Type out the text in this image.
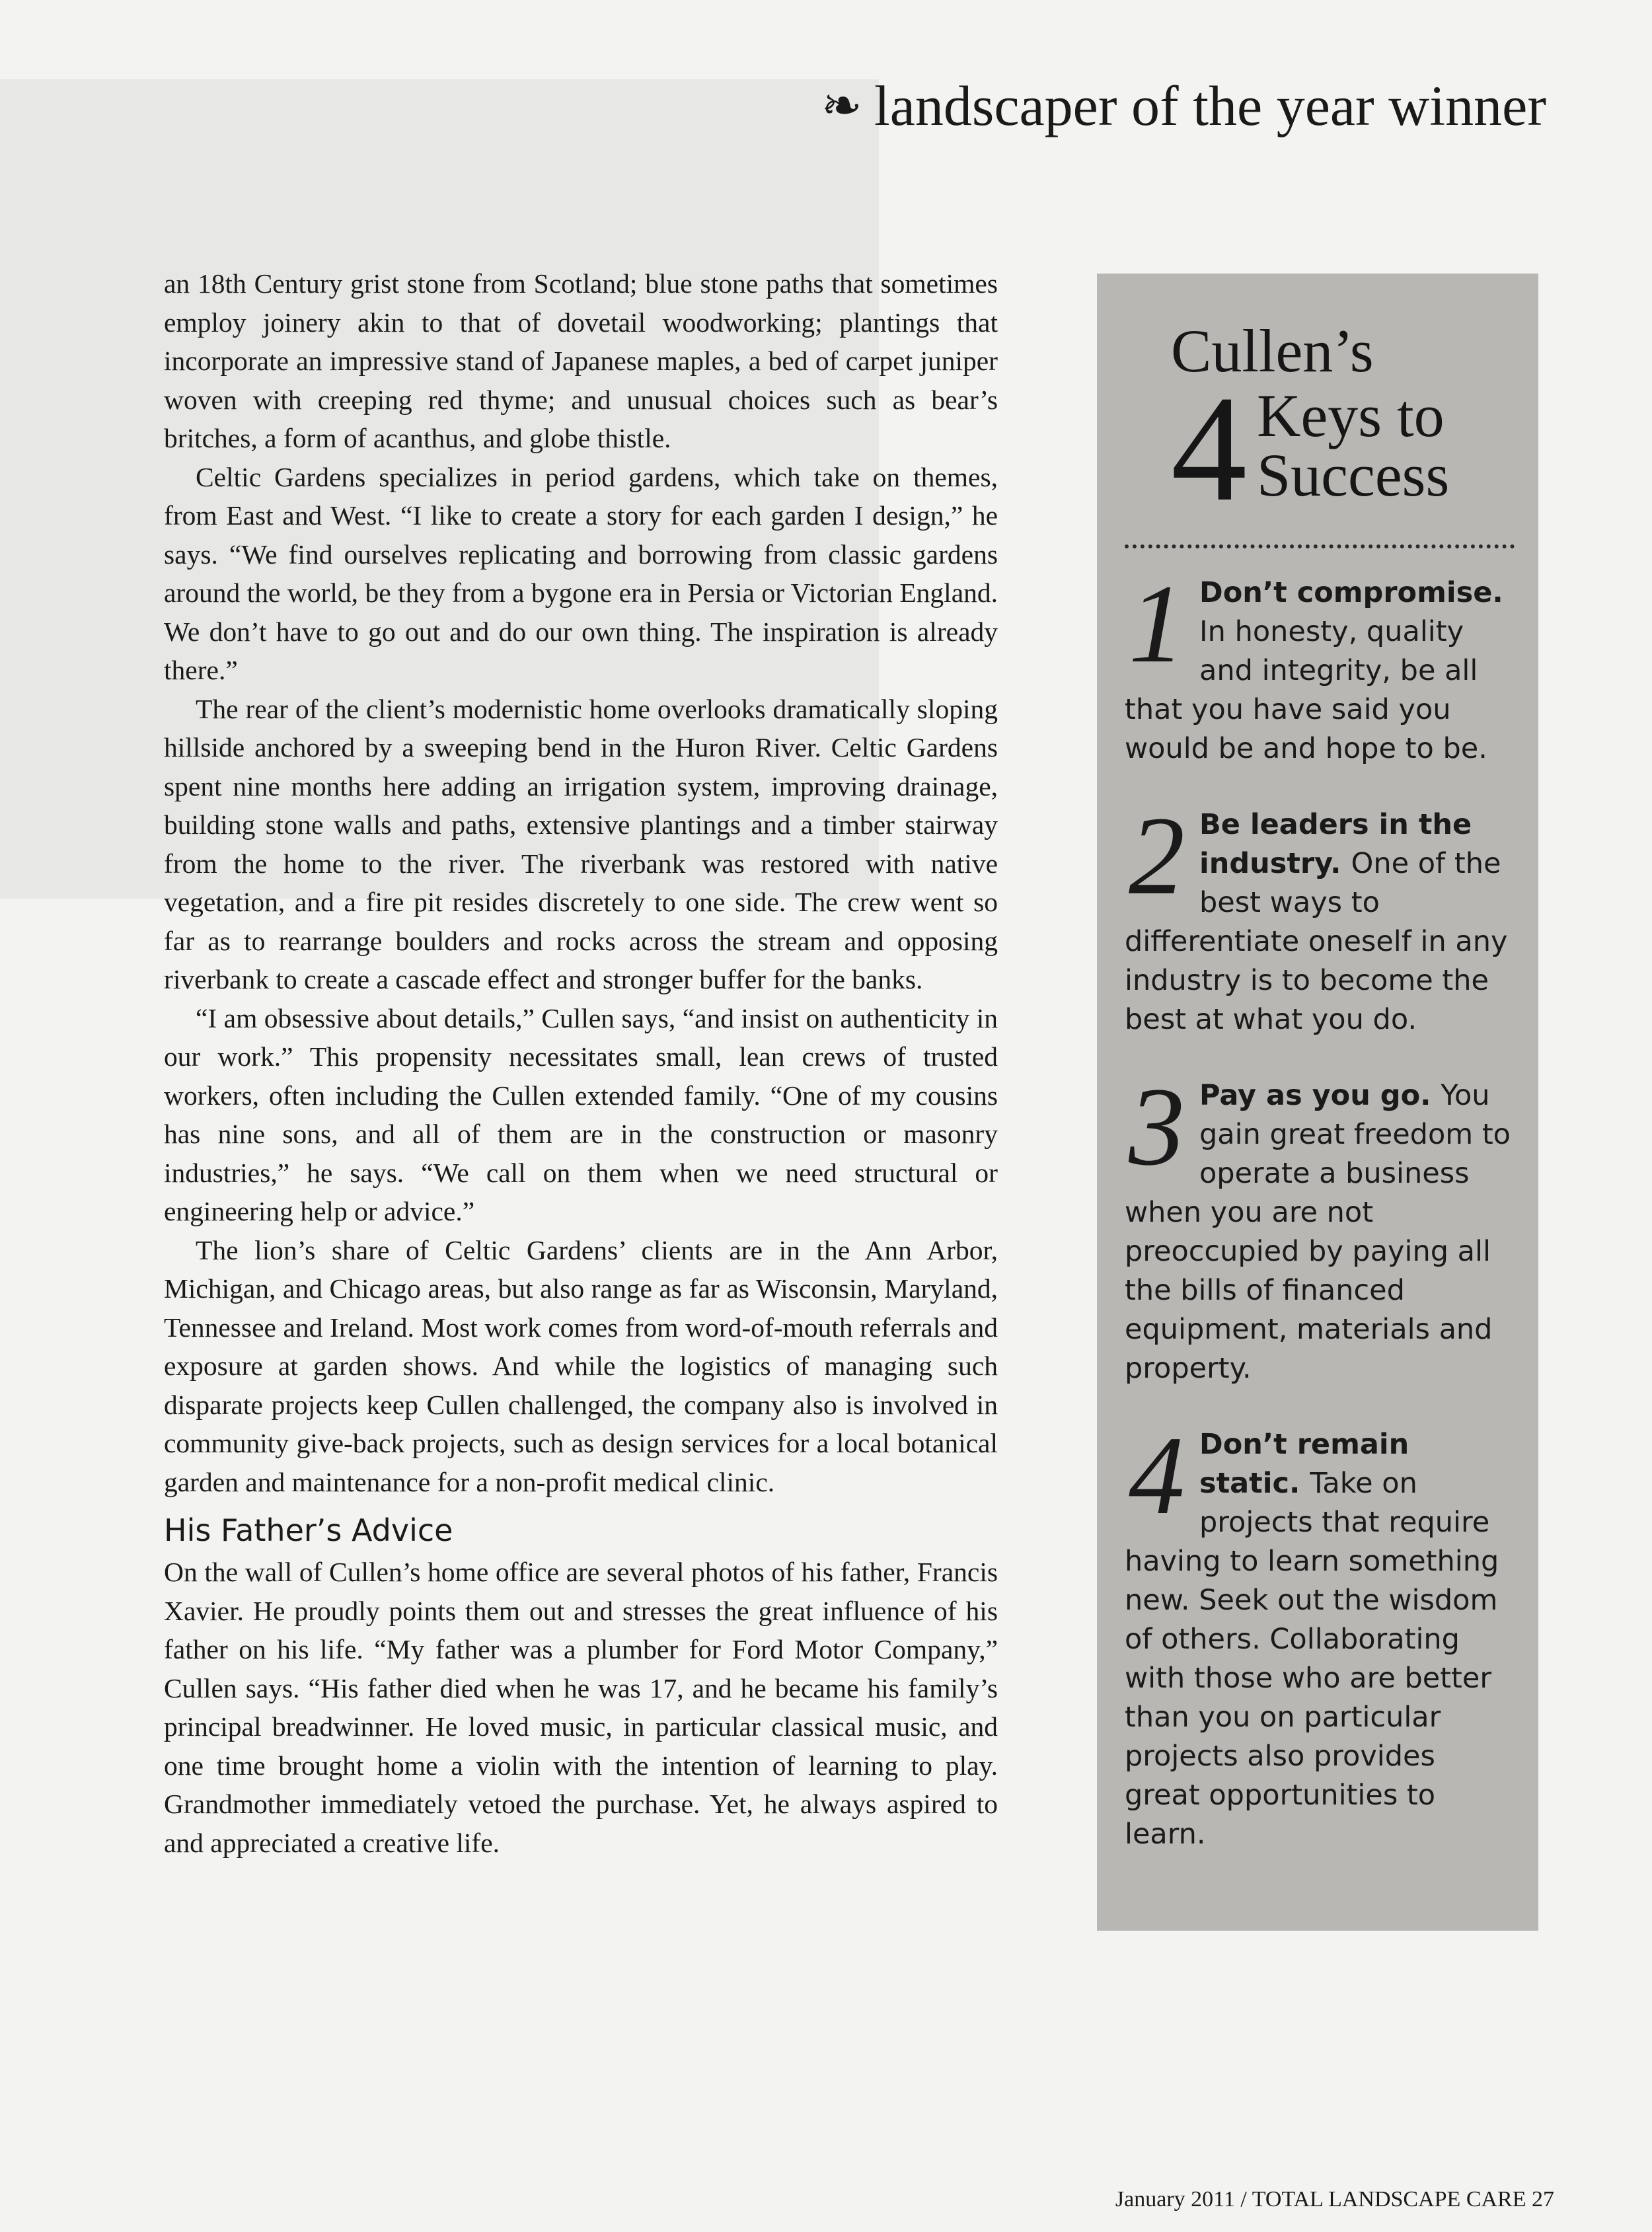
❧ landscaper of the year winner

an 18th Century grist stone from Scotland; blue stone paths that sometimes employ joinery akin to that of dovetail woodworking; plantings that incorporate an impressive stand of Japanese maples, a bed of carpet juniper woven with creeping red thyme; and unusual choices such as bear’s britches, a form of acanthus, and globe thistle.

Celtic Gardens specializes in period gardens, which take on themes, from East and West. “I like to create a story for each garden I design,” he says. “We find ourselves replicating and borrowing from classic gardens around the world, be they from a bygone era in Persia or Victorian England. We don’t have to go out and do our own thing. The inspiration is already there.”

The rear of the client’s modernistic home overlooks dramatically sloping hillside anchored by a sweeping bend in the Huron River. Celtic Gardens spent nine months here adding an irrigation system, improving drainage, building stone walls and paths, extensive plantings and a timber stairway from the home to the river. The riverbank was restored with native vegetation, and a fire pit resides discretely to one side. The crew went so far as to rearrange boulders and rocks across the stream and opposing riverbank to create a cascade effect and stronger buffer for the banks.

“I am obsessive about details,” Cullen says, “and insist on authenticity in our work.” This propensity necessitates small, lean crews of trusted workers, often including the Cullen extended family. “One of my cousins has nine sons, and all of them are in the construction or masonry industries,” he says. “We call on them when we need structural or engineering help or advice.”

The lion’s share of Celtic Gardens’ clients are in the Ann Arbor, Michigan, and Chicago areas, but also range as far as Wisconsin, Maryland, Tennessee and Ireland. Most work comes from word-of-mouth referrals and exposure at garden shows. And while the logistics of managing such disparate projects keep Cullen challenged, the company also is involved in community give-back projects, such as design services for a local botanical garden and maintenance for a non-profit medical clinic.

His Father’s Advice

On the wall of Cullen’s home office are several photos of his father, Francis Xavier. He proudly points them out and stresses the great influence of his father on his life. “My father was a plumber for Ford Motor Company,” Cullen says. “His father died when he was 17, and he became his family’s principal breadwinner. He loved music, in particular classical music, and one time brought home a violin with the intention of learning to play. Grandmother immediately vetoed the purchase. Yet, he always aspired to and appreciated a creative life.

Cullen’s
4 Keys to
Success
1 Don’t compromise. In honesty, quality and integrity, be all that you have said you would be and hope to be.
2 Be leaders in the industry. One of the best ways to differentiate oneself in any industry is to become the best at what you do.
3 Pay as you go. You gain great freedom to operate a business when you are not preoccupied by paying all the bills of financed equipment, materials and property.
4 Don’t remain static. Take on projects that require having to learn something new. Seek out the wisdom of others. Collaborating with those who are better than you on particular projects also provides great opportunities to learn.
January 2011 / TOTAL LANDSCAPE CARE 27
